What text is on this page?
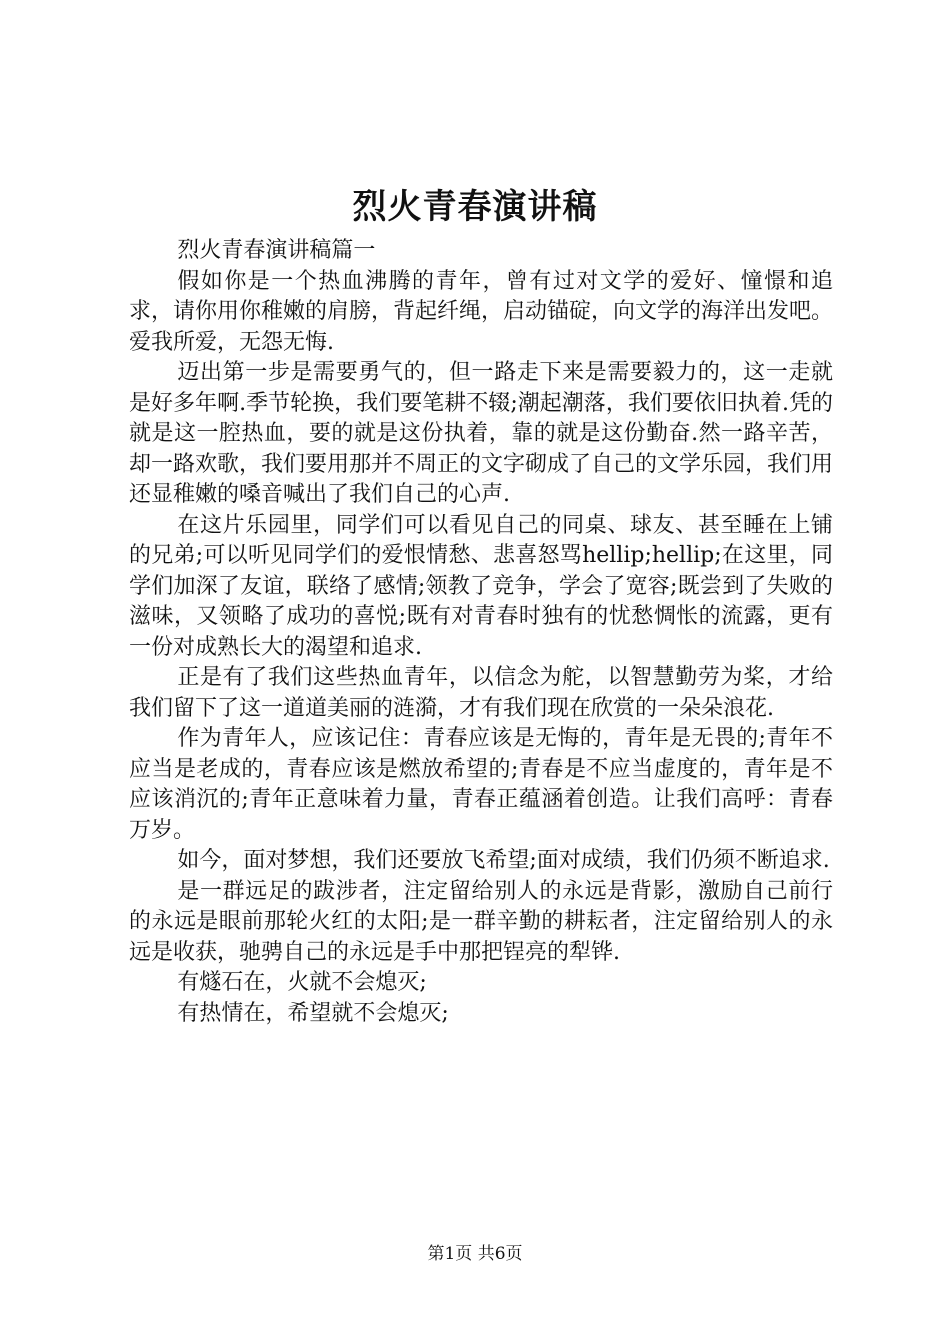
烈火青春演讲稿

烈火青春演讲稿篇一

假如你是一个热血沸腾的青年，曾有过对文学的爱好、憧憬和追求，请你用你稚嫩的肩膀，背起纤绳，启动锚碇，向文学的海洋出发吧。爱我所爱，无怨无悔.

迈出第一步是需要勇气的，但一路走下来是需要毅力的，这一走就是好多年啊.季节轮换，我们要笔耕不辍;潮起潮落，我们要依旧执着.凭的就是这一腔热血，要的就是这份执着，靠的就是这份勤奋.然一路辛苦，却一路欢歌，我们要用那并不周正的文字砌成了自己的文学乐园，我们用还显稚嫩的嗓音喊出了我们自己的心声.

在这片乐园里，同学们可以看见自己的同桌、球友、甚至睡在上铺的兄弟;可以听见同学们的爱恨情愁、悲喜怒骂hellip;hellip;在这里，同学们加深了友谊，联络了感情;领教了竞争，学会了宽容;既尝到了失败的滋味，又领略了成功的喜悦;既有对青春时独有的忧愁惆怅的流露，更有一份对成熟长大的渴望和追求.

正是有了我们这些热血青年，以信念为舵，以智慧勤劳为桨，才给我们留下了这一道道美丽的涟漪，才有我们现在欣赏的一朵朵浪花.

作为青年人，应该记住：青春应该是无悔的，青年是无畏的;青年不应当是老成的，青春应该是燃放希望的;青春是不应当虚度的，青年是不应该消沉的;青年正意味着力量，青春正蕴涵着创造。让我们高呼：青春万岁。

如今，面对梦想，我们还要放飞希望;面对成绩，我们仍须不断追求.

是一群远足的跋涉者，注定留给别人的永远是背影，激励自己前行的永远是眼前那轮火红的太阳;是一群辛勤的耕耘者，注定留给别人的永远是收获，驰骋自己的永远是手中那把锃亮的犁铧.

有燧石在，火就不会熄灭;

有热情在，希望就不会熄灭;

第1页 共6页
